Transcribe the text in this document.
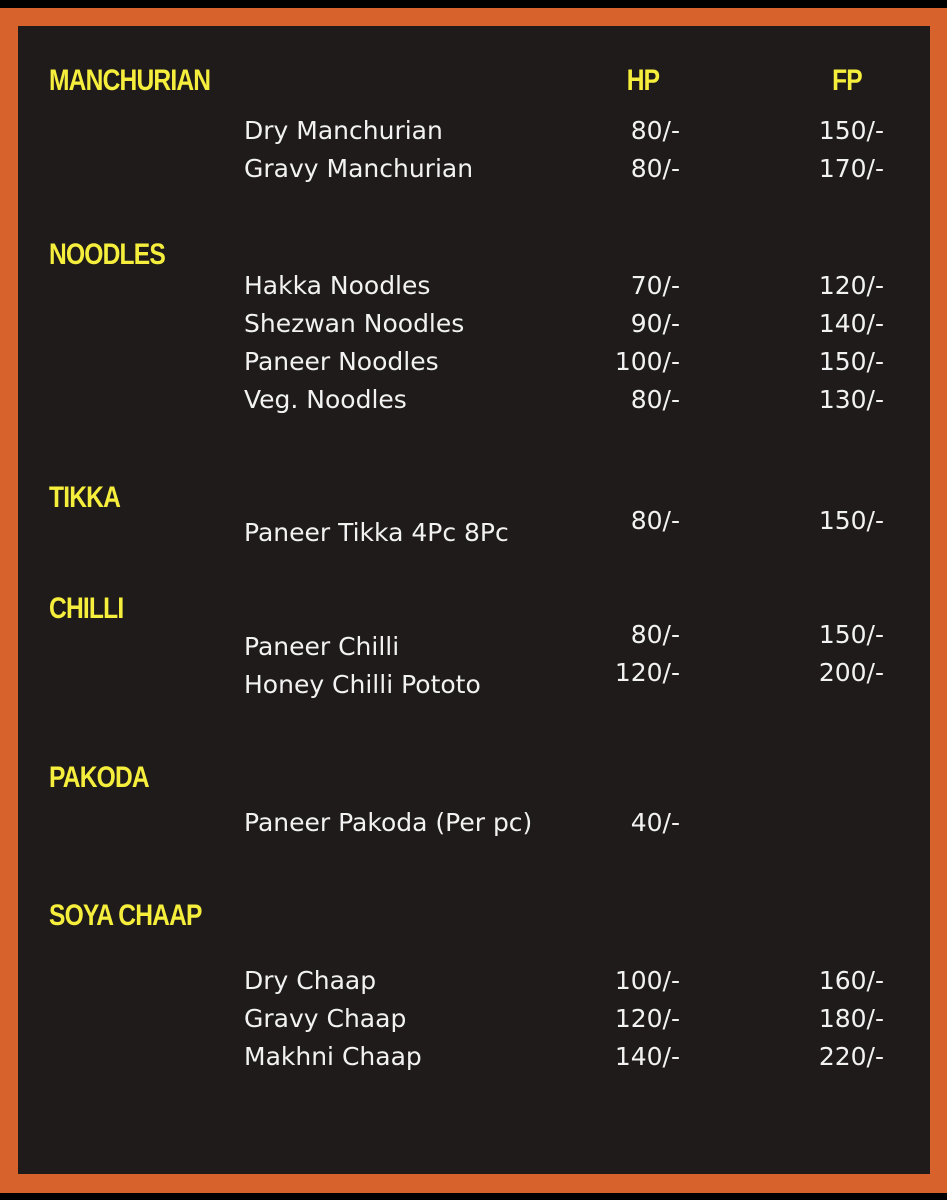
HP	FP
MANCHURIAN
Dry Manchurian	80/-	150/-
Gravy Manchurian	80/-	170/-
NOODLES
Hakka Noodles	70/-	120/-
Shezwan Noodles	90/-	140/-
Paneer Noodles	100/-	150/-
Veg. Noodles	80/-	130/-
TIKKA
Paneer Tikka 4Pc 8Pc	80/-	150/-
CHILLI
Paneer Chilli	80/-	150/-
Honey Chilli Pototo	120/-	200/-
PAKODA
Paneer Pakoda (Per pc)	40/-
SOYA CHAAP
Dry Chaap	100/-	160/-
Gravy Chaap	120/-	180/-
Makhni Chaap	140/-	220/-
